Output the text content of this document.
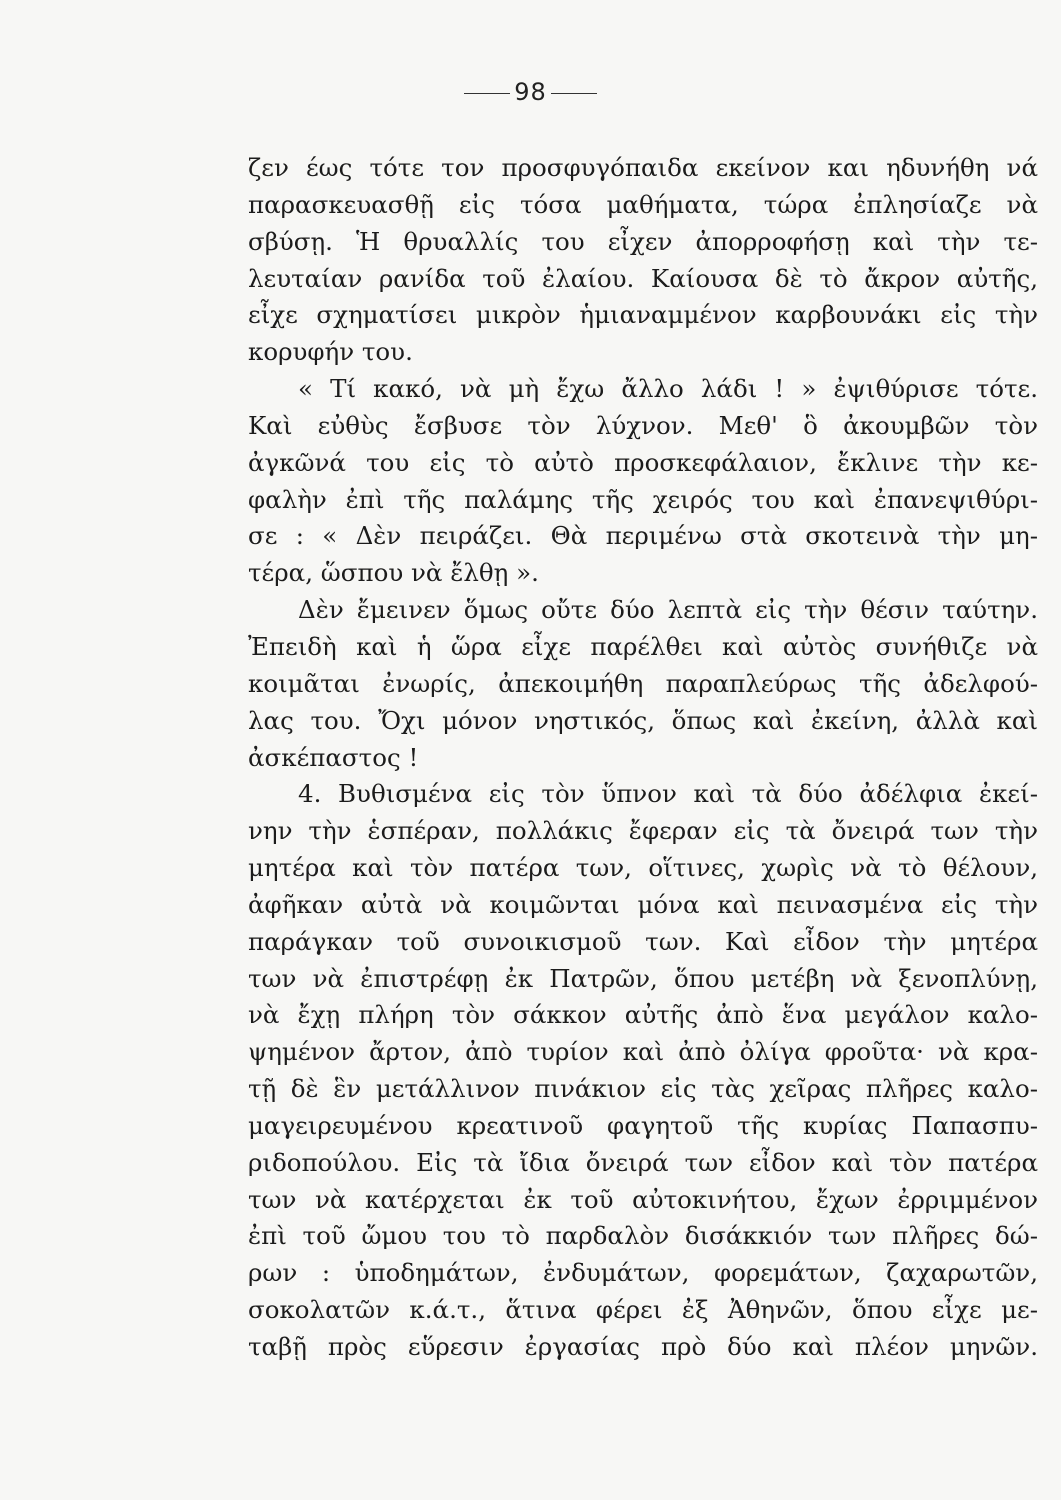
98
ζεν έως τότε τον προσφυγόπαιδα εκείνον και ηδυνήθη νά
παρασκευασθῇ εἰς τόσα μαθήματα, τώρα ἐπλησίαζε νὰ
σβύσῃ. Ἡ θρυαλλίς του εἶχεν ἀπορροφήσῃ καὶ τὴν τε-
λευταίαν ρανίδα τοῦ ἐλαίου. Καίουσα δὲ τὸ ἄκρον αὐτῆς,
εἶχε σχηματίσει μικρὸν ἡμιαναμμένον καρβουνάκι εἰς τὴν
κορυφήν του.
« Τί κακό, νὰ μὴ ἔχω ἄλλο λάδι ! » ἐψιθύρισε τότε.
Καὶ εὐθὺς ἔσβυσε τὸν λύχνον. Μεθ' ὃ ἀκουμβῶν τὸν
ἀγκῶνά του εἰς τὸ αὐτὸ προσκεφάλαιον, ἔκλινε τὴν κε-
φαλὴν ἐπὶ τῆς παλάμης τῆς χειρός του καὶ ἐπανεψιθύρι-
σε : « Δὲν πειράζει. Θὰ περιμένω στὰ σκοτεινὰ τὴν μη-
τέρα, ὥσπου νὰ ἔλθῃ ».
Δὲν ἔμεινεν ὅμως οὔτε δύο λεπτὰ εἰς τὴν θέσιν ταύτην.
Ἐπειδὴ καὶ ἡ ὥρα εἶχε παρέλθει καὶ αὐτὸς συνήθιζε νὰ
κοιμᾶται ἐνωρίς, ἀπεκοιμήθη παραπλεύρως τῆς ἀδελφού-
λας του. Ὄχι μόνον νηστικός, ὅπως καὶ ἐκείνη, ἀλλὰ καὶ
ἀσκέπαστος !
4. Βυθισμένα εἰς τὸν ὕπνον καὶ τὰ δύο ἀδέλφια ἐκεί-
νην τὴν ἑσπέραν, πολλάκις ἔφεραν εἰς τὰ ὄνειρά των τὴν
μητέρα καὶ τὸν πατέρα των, οἵτινες, χωρὶς νὰ τὸ θέλουν,
ἀφῆκαν αὐτὰ νὰ κοιμῶνται μόνα καὶ πεινασμένα εἰς τὴν
παράγκαν τοῦ συνοικισμοῦ των. Καὶ εἶδον τὴν μητέρα
των νὰ ἐπιστρέφῃ ἐκ Πατρῶν, ὅπου μετέβη νὰ ξενοπλύνῃ,
νὰ ἔχῃ πλήρη τὸν σάκκον αὐτῆς ἀπὸ ἕνα μεγάλον καλο-
ψημένον ἄρτον, ἀπὸ τυρίον καὶ ἀπὸ ὀλίγα φροῦτα· νὰ κρα-
τῇ δὲ ἓν μετάλλινον πινάκιον εἰς τὰς χεῖρας πλῆρες καλο-
μαγειρευμένου κρεατινοῦ φαγητοῦ τῆς κυρίας Παπασπυ-
ριδοπούλου. Εἰς τὰ ἴδια ὄνειρά των εἶδον καὶ τὸν πατέρα
των νὰ κατέρχεται ἐκ τοῦ αὐτοκινήτου, ἔχων ἐρριμμένον
ἐπὶ τοῦ ὤμου του τὸ παρδαλὸν δισάκκιόν των πλῆρες δώ-
ρων : ὑποδημάτων, ἐνδυμάτων, φορεμάτων, ζαχαρωτῶν,
σοκολατῶν κ.ά.τ., ἅτινα φέρει ἐξ Ἀθηνῶν, ὅπου εἶχε με-
ταβῇ πρὸς εὕρεσιν ἐργασίας πρὸ δύο καὶ πλέον μηνῶν.
